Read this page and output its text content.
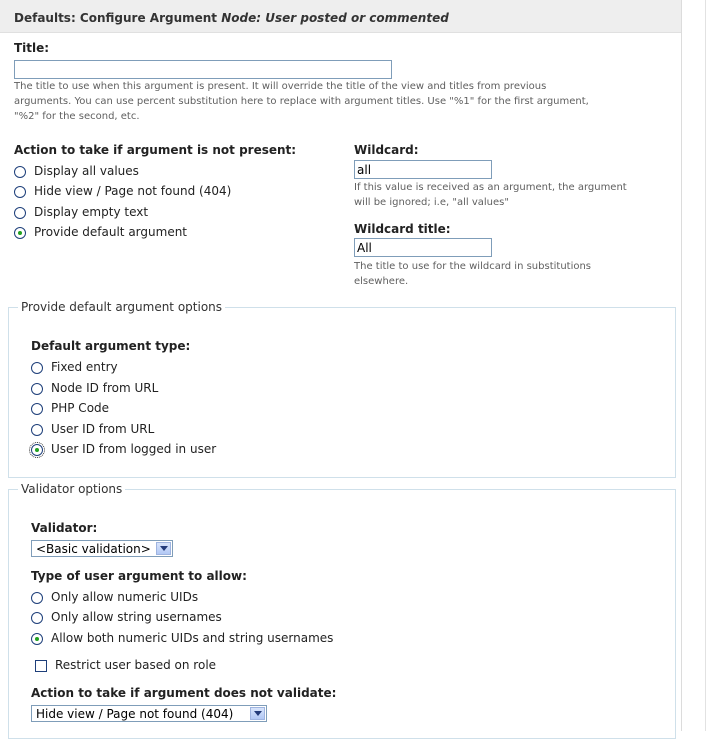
Defaults: Configure Argument Node: User posted or commented
Title:
The title to use when this argument is present. It will override the title of the view and titles from previous
arguments. You can use percent substitution here to replace with argument titles. Use "%1" for the first argument,
"%2" for the second, etc.
Action to take if argument is not present:
Display all values
Hide view / Page not found (404)
Display empty text
Provide default argument
Wildcard:
all
If this value is received as an argument, the argument
will be ignored; i.e, "all values"
Wildcard title:
All
The title to use for the wildcard in substitutions
elsewhere.
Provide default argument options
Default argument type:
Fixed entry
Node ID from URL
PHP Code
User ID from URL
User ID from logged in user
Validator options
Validator:
<Basic validation>
Type of user argument to allow:
Only allow numeric UIDs
Only allow string usernames
Allow both numeric UIDs and string usernames
Restrict user based on role
Action to take if argument does not validate:
Hide view / Page not found (404)
